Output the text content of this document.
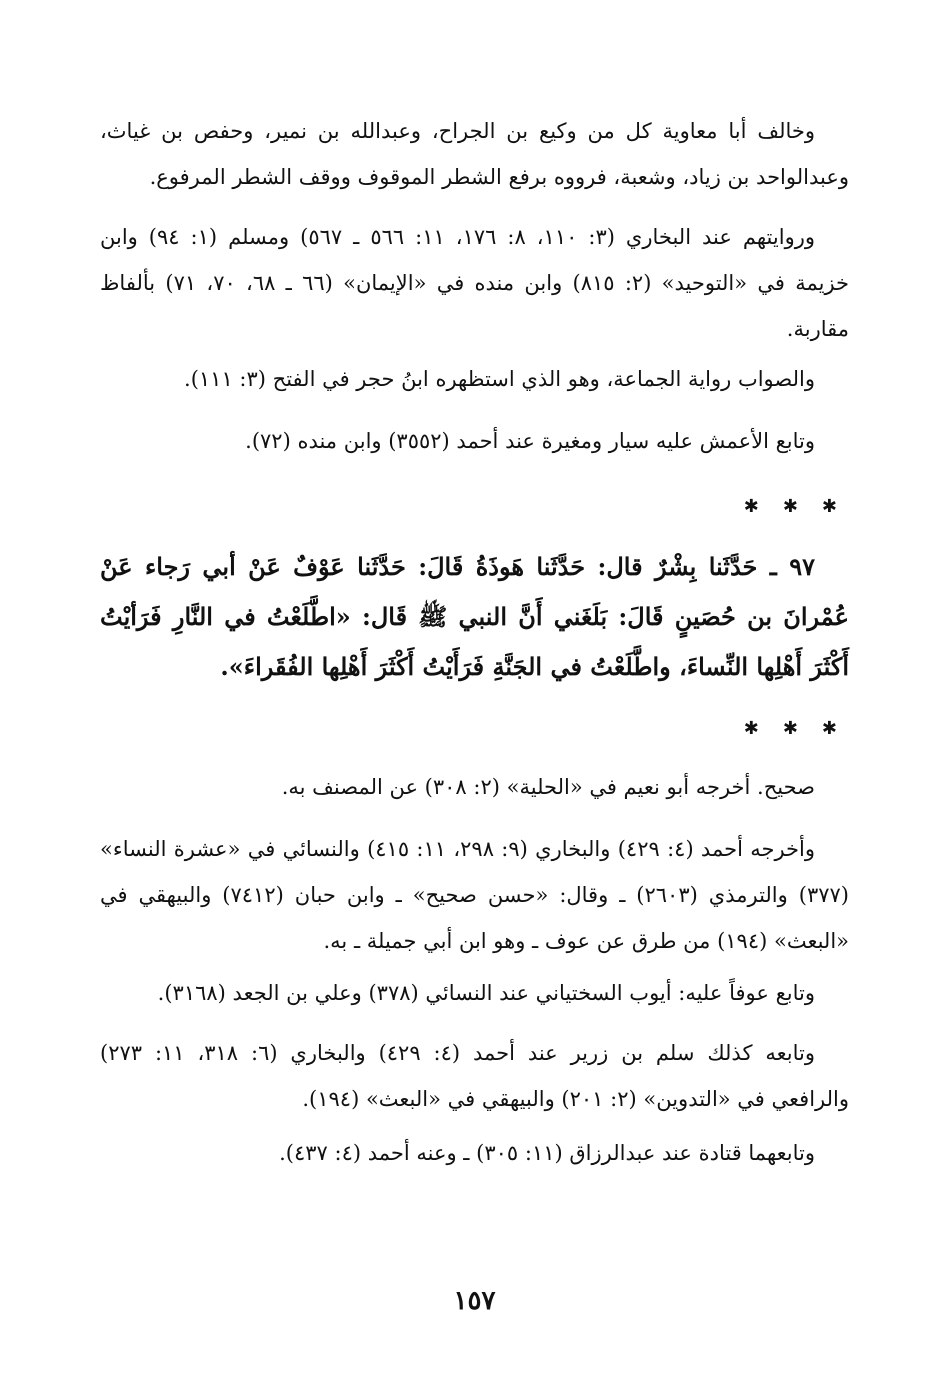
وخالف أبا معاوية كل من وكيع بن الجراح، وعبدالله بن نمير، وحفص بن غياث، وعبدالواحد بن زياد، وشعبة، فرووه برفع الشطر الموقوف ووقف الشطر المرفوع.

وروايتهم عند البخاري (٣: ١١٠، ٨: ١٧٦، ١١: ٥٦٦ ـ ٥٦٧) ومسلم (١: ٩٤) وابن خزيمة في «التوحيد» (٢: ٨١٥) وابن منده في «الإيمان» (٦٦ ـ ٦٨، ٧٠، ٧١) بألفاظ مقاربة.

والصواب رواية الجماعة، وهو الذي استظهره ابنُ حجر في الفتح (٣: ١١١).

وتابع الأعمش عليه سيار ومغيرة عند أحمد (٣٥٥٢) وابن منده (٧٢).

✱ ✱ ✱

٩٧ ـ حَدَّثَنا بِشْرٌ قال: حَدَّثَنا هَوذَةُ قَالَ: حَدَّثَنا عَوْفٌ عَنْ أبي رَجاء عَنْ عُمْرانَ بن حُصَينٍ قَالَ: بَلَغَني أَنَّ النبي ﷺ قَال: «اطَّلَعْتُ في النَّارِ فَرَأيْتُ أَكْثَرَ أَهْلِها النِّساءَ، واطَّلَعْتُ في الجَنَّةِ فَرَأَيْتُ أَكْثَرَ أَهْلِها الفُقَراءَ».

✱ ✱ ✱

صحيح. أخرجه أبو نعيم في «الحلية» (٢: ٣٠٨) عن المصنف به.

وأخرجه أحمد (٤: ٤٢٩) والبخاري (٩: ٢٩٨، ١١: ٤١٥) والنسائي في «عشرة النساء» (٣٧٧) والترمذي (٢٦٠٣) ـ وقال: «حسن صحيح» ـ وابن حبان (٧٤١٢) والبيهقي في «البعث» (١٩٤) من طرق عن عوف ـ وهو ابن أبي جميلة ـ به.

وتابع عوفاً عليه: أيوب السختياني عند النسائي (٣٧٨) وعلي بن الجعد (٣١٦٨).

وتابعه كذلك سلم بن زرير عند أحمد (٤: ٤٢٩) والبخاري (٦: ٣١٨، ١١: ٢٧٣) والرافعي في «التدوين» (٢: ٢٠١) والبيهقي في «البعث» (١٩٤).

وتابعهما قتادة عند عبدالرزاق (١١: ٣٠٥) ـ وعنه أحمد (٤: ٤٣٧).

١٥٧
